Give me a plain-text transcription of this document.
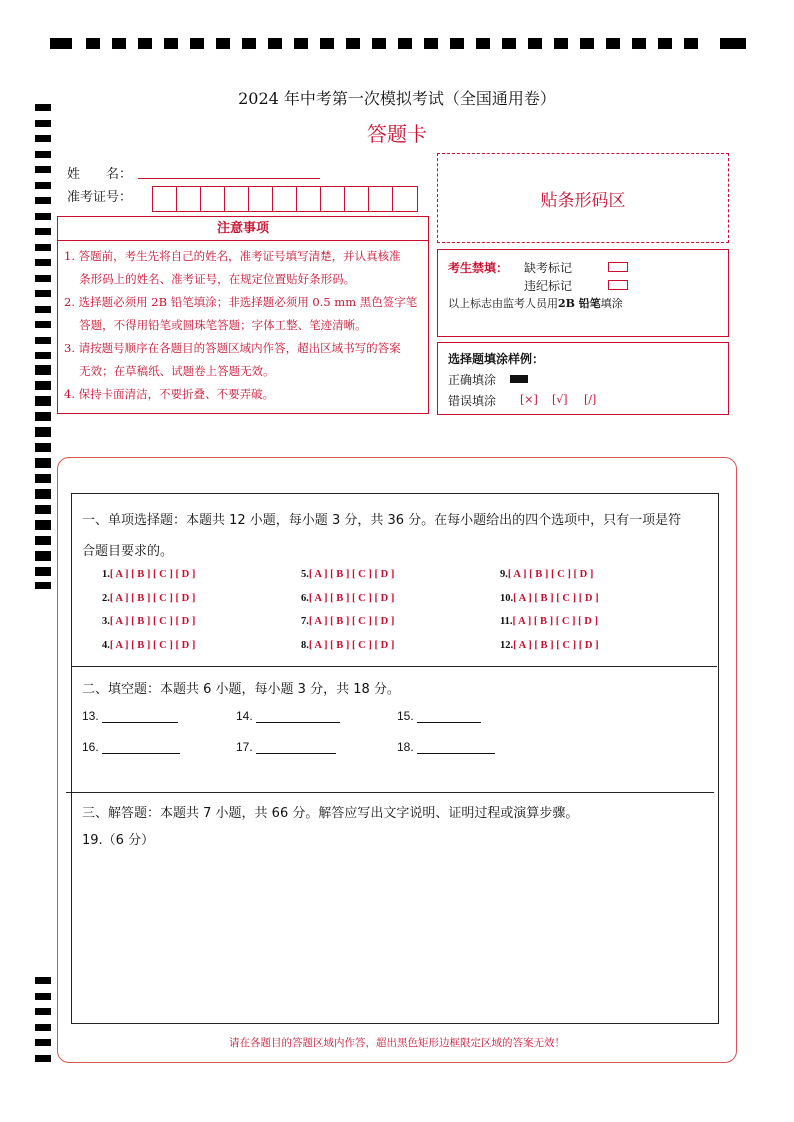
2024 年中考第一次模拟考试（全国通用卷）
答题卡
姓　　名：
准考证号：	贴条形码区
注意事项
1. 答题前，考生先将自己的姓名，准考证号填写清楚，并认真核准
　 条形码上的姓名、准考证号，在规定位置贴好条形码。
2. 选择题必须用 2B 铅笔填涂；非选择题必须用 0.5 mm 黑色签字笔
　 答题，不得用铅笔或圆珠笔答题；字体工整、笔迹清晰。
3. 请按题号顺序在各题目的答题区域内作答，超出区域书写的答案
　 无效；在草稿纸、试题卷上答题无效。
4. 保持卡面清洁，不要折叠、不要弄破。
考生禁填： 缺考标记
违纪标记
以上标志由监考人员用2B 铅笔填涂
选择题填涂样例：
正确填涂
错误填涂 [×] [√] [/]
一、单项选择题：本题共 12 小题，每小题 3 分，共 36 分。在每小题给出的四个选项中，只有一项是符
合题目要求的。
1.[ A ] [ B ] [ C ] [ D ]
2.[ A ] [ B ] [ C ] [ D ]
3.[ A ] [ B ] [ C ] [ D ]
4.[ A ] [ B ] [ C ] [ D ]
5.[ A ] [ B ] [ C ] [ D ]
6.[ A ] [ B ] [ C ] [ D ]
7.[ A ] [ B ] [ C ] [ D ]
8.[ A ] [ B ] [ C ] [ D ]
9.[ A ] [ B ] [ C ] [ D ]
10.[ A ] [ B ] [ C ] [ D ]
11.[ A ] [ B ] [ C ] [ D ]
12.[ A ] [ B ] [ C ] [ D ]
二、填空题：本题共 6 小题，每小题 3 分，共 18 分。
13.	14.	15.
16.	17.	18.
三、解答题：本题共 7 小题，共 66 分。解答应写出文字说明、证明过程或演算步骤。
19.（6 分）
请在各题目的答题区域内作答，超出黑色矩形边框限定区域的答案无效！
